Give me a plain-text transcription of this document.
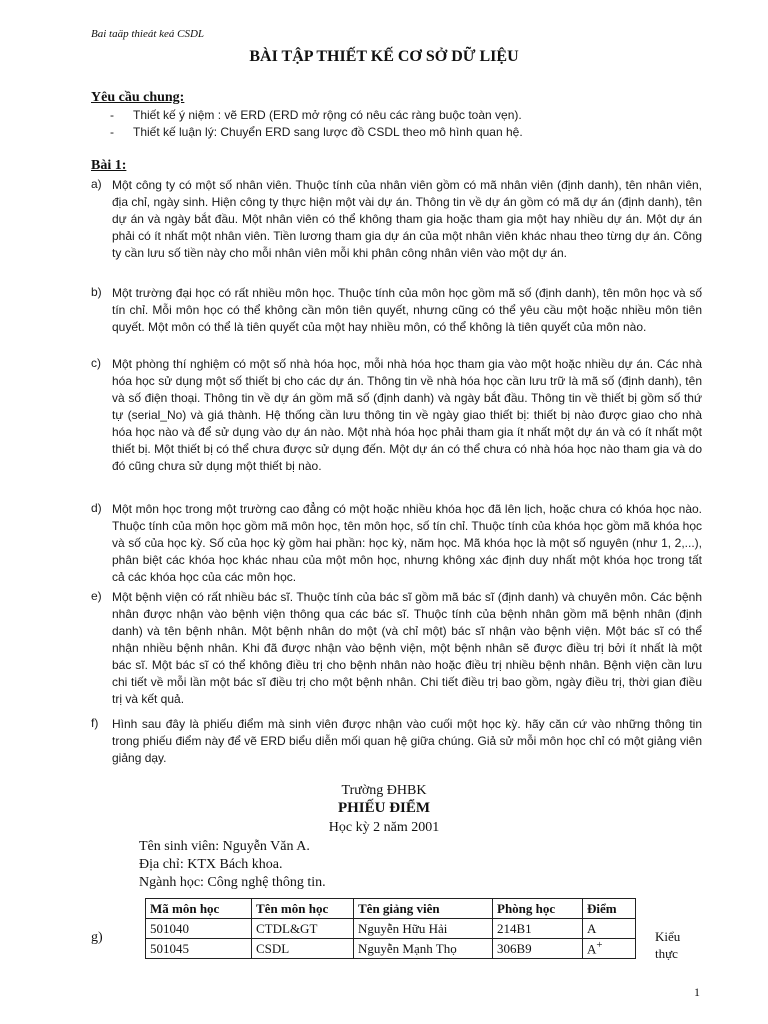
Bai taäp thieát keá CSDL
BÀI TẬP THIẾT KẾ CƠ SỞ DỮ LIỆU
Yêu cầu chung:
- Thiết kế ý niệm : vẽ ERD (ERD mở rộng có nêu các ràng buộc toàn vẹn).
- Thiết kế luận lý: Chuyển ERD sang lược đồ CSDL theo mô hình quan hệ.
Bài 1:
a) Một công ty có một số nhân viên. Thuộc tính của nhân viên gồm có mã nhân viên (định danh), tên nhân viên, địa chỉ, ngày sinh. Hiện công ty thực hiện một vài dự án. Thông tin về dự án gồm có mã dự án (định danh), tên dự án và ngày bắt đầu. Một nhân viên có thể không tham gia hoặc tham gia một hay nhiều dự án. Một dự án phải có ít nhất một nhân viên. Tiền lương tham gia dự án của một nhân viên khác nhau theo từng dự án. Công ty cần lưu số tiền này cho mỗi nhân viên mỗi khi phân công nhân viên vào một dự án.
b) Một trường đại học có rất nhiều môn học. Thuộc tính của môn học gồm mã số (định danh), tên môn học và số tín chỉ. Mỗi môn học có thể không cần môn tiên quyết, nhưng cũng có thể yêu cầu một hoặc nhiều môn tiên quyết. Một môn có thể là tiên quyết của một hay nhiều môn, có thể không là tiên quyết của môn nào.
c) Một phòng thí nghiệm có một số nhà hóa học, mỗi nhà hóa học tham gia vào một hoặc nhiều dự án. Các nhà hóa học sử dụng một số thiết bị cho các dự án. Thông tin về nhà hóa học cần lưu trữ là mã số (định danh), tên và số điện thoại. Thông tin về dự án gồm mã số (định danh) và ngày bắt đầu. Thông tin về thiết bị gồm số thứ tự (serial_No) và giá thành. Hệ thống cần lưu thông tin về ngày giao thiết bị: thiết bị nào được giao cho nhà hóa học nào và để sử dụng vào dự án nào. Một nhà hóa học phải tham gia ít nhất một dự án và có ít nhất một thiết bị. Một thiết bị có thể chưa được sử dụng đến. Một dự án có thể chưa có nhà hóa học nào tham gia và do đó cũng chưa sử dụng một thiết bị nào.
d) Một môn học trong một trường cao đẳng có một hoặc nhiều khóa học đã lên lịch, hoặc chưa có khóa học nào. Thuộc tính của môn học gồm mã môn học, tên môn học, số tín chỉ. Thuộc tính của khóa học gồm mã khóa học và số của học kỳ. Số của học kỳ gồm hai phần: học kỳ, năm học. Mã khóa học là một số nguyên (như 1, 2,...), phân biệt các khóa học khác nhau của một môn học, nhưng không xác định duy nhất một khóa học trong tất cả các khóa học của các môn học.
e) Một bệnh viện có rất nhiều bác sĩ. Thuộc tính của bác sĩ gồm mã bác sĩ (định danh) và chuyên môn. Các bệnh nhân được nhận vào bệnh viện thông qua các bác sĩ. Thuộc tính của bệnh nhân gồm mã bệnh nhân (định danh) và tên bệnh nhân. Một bệnh nhân do một (và chỉ một) bác sĩ nhận vào bệnh viện. Một bác sĩ có thể nhận nhiều bệnh nhân. Khi đã được nhận vào bệnh viện, một bệnh nhân sẽ được điều trị bởi ít nhất là một bác sĩ. Một bác sĩ có thể không điều trị cho bệnh nhân nào hoặc điều trị nhiều bệnh nhân. Bệnh viện cần lưu chi tiết về mỗi lần một bác sĩ điều trị cho một bệnh nhân. Chi tiết điều trị bao gồm, ngày điều trị, thời gian điều trị và kết quả.
f) Hình sau đây là phiếu điểm mà sinh viên được nhận vào cuối một học kỳ. hãy căn cứ vào những thông tin trong phiếu điểm này để vẽ ERD biểu diễn mối quan hệ giữa chúng. Giả sử mỗi môn học chỉ có một giảng viên giảng dạy.
Trường ĐHBK
PHIẾU ĐIỂM
Học kỳ 2 năm 2001
Tên sinh viên: Nguyễn Văn A.
Địa chỉ: KTX Bách khoa.
Ngành học: Công nghệ thông tin.
Mã môn học	Tên môn học	Tên giảng viên	Phòng học	Điểm
501040	CTDL&GT	Nguyễn Hữu Hải	214B1	A
501045	CSDL	Nguyễn Mạnh Thọ	306B9	A+
g)	Kiểu
thực
1
